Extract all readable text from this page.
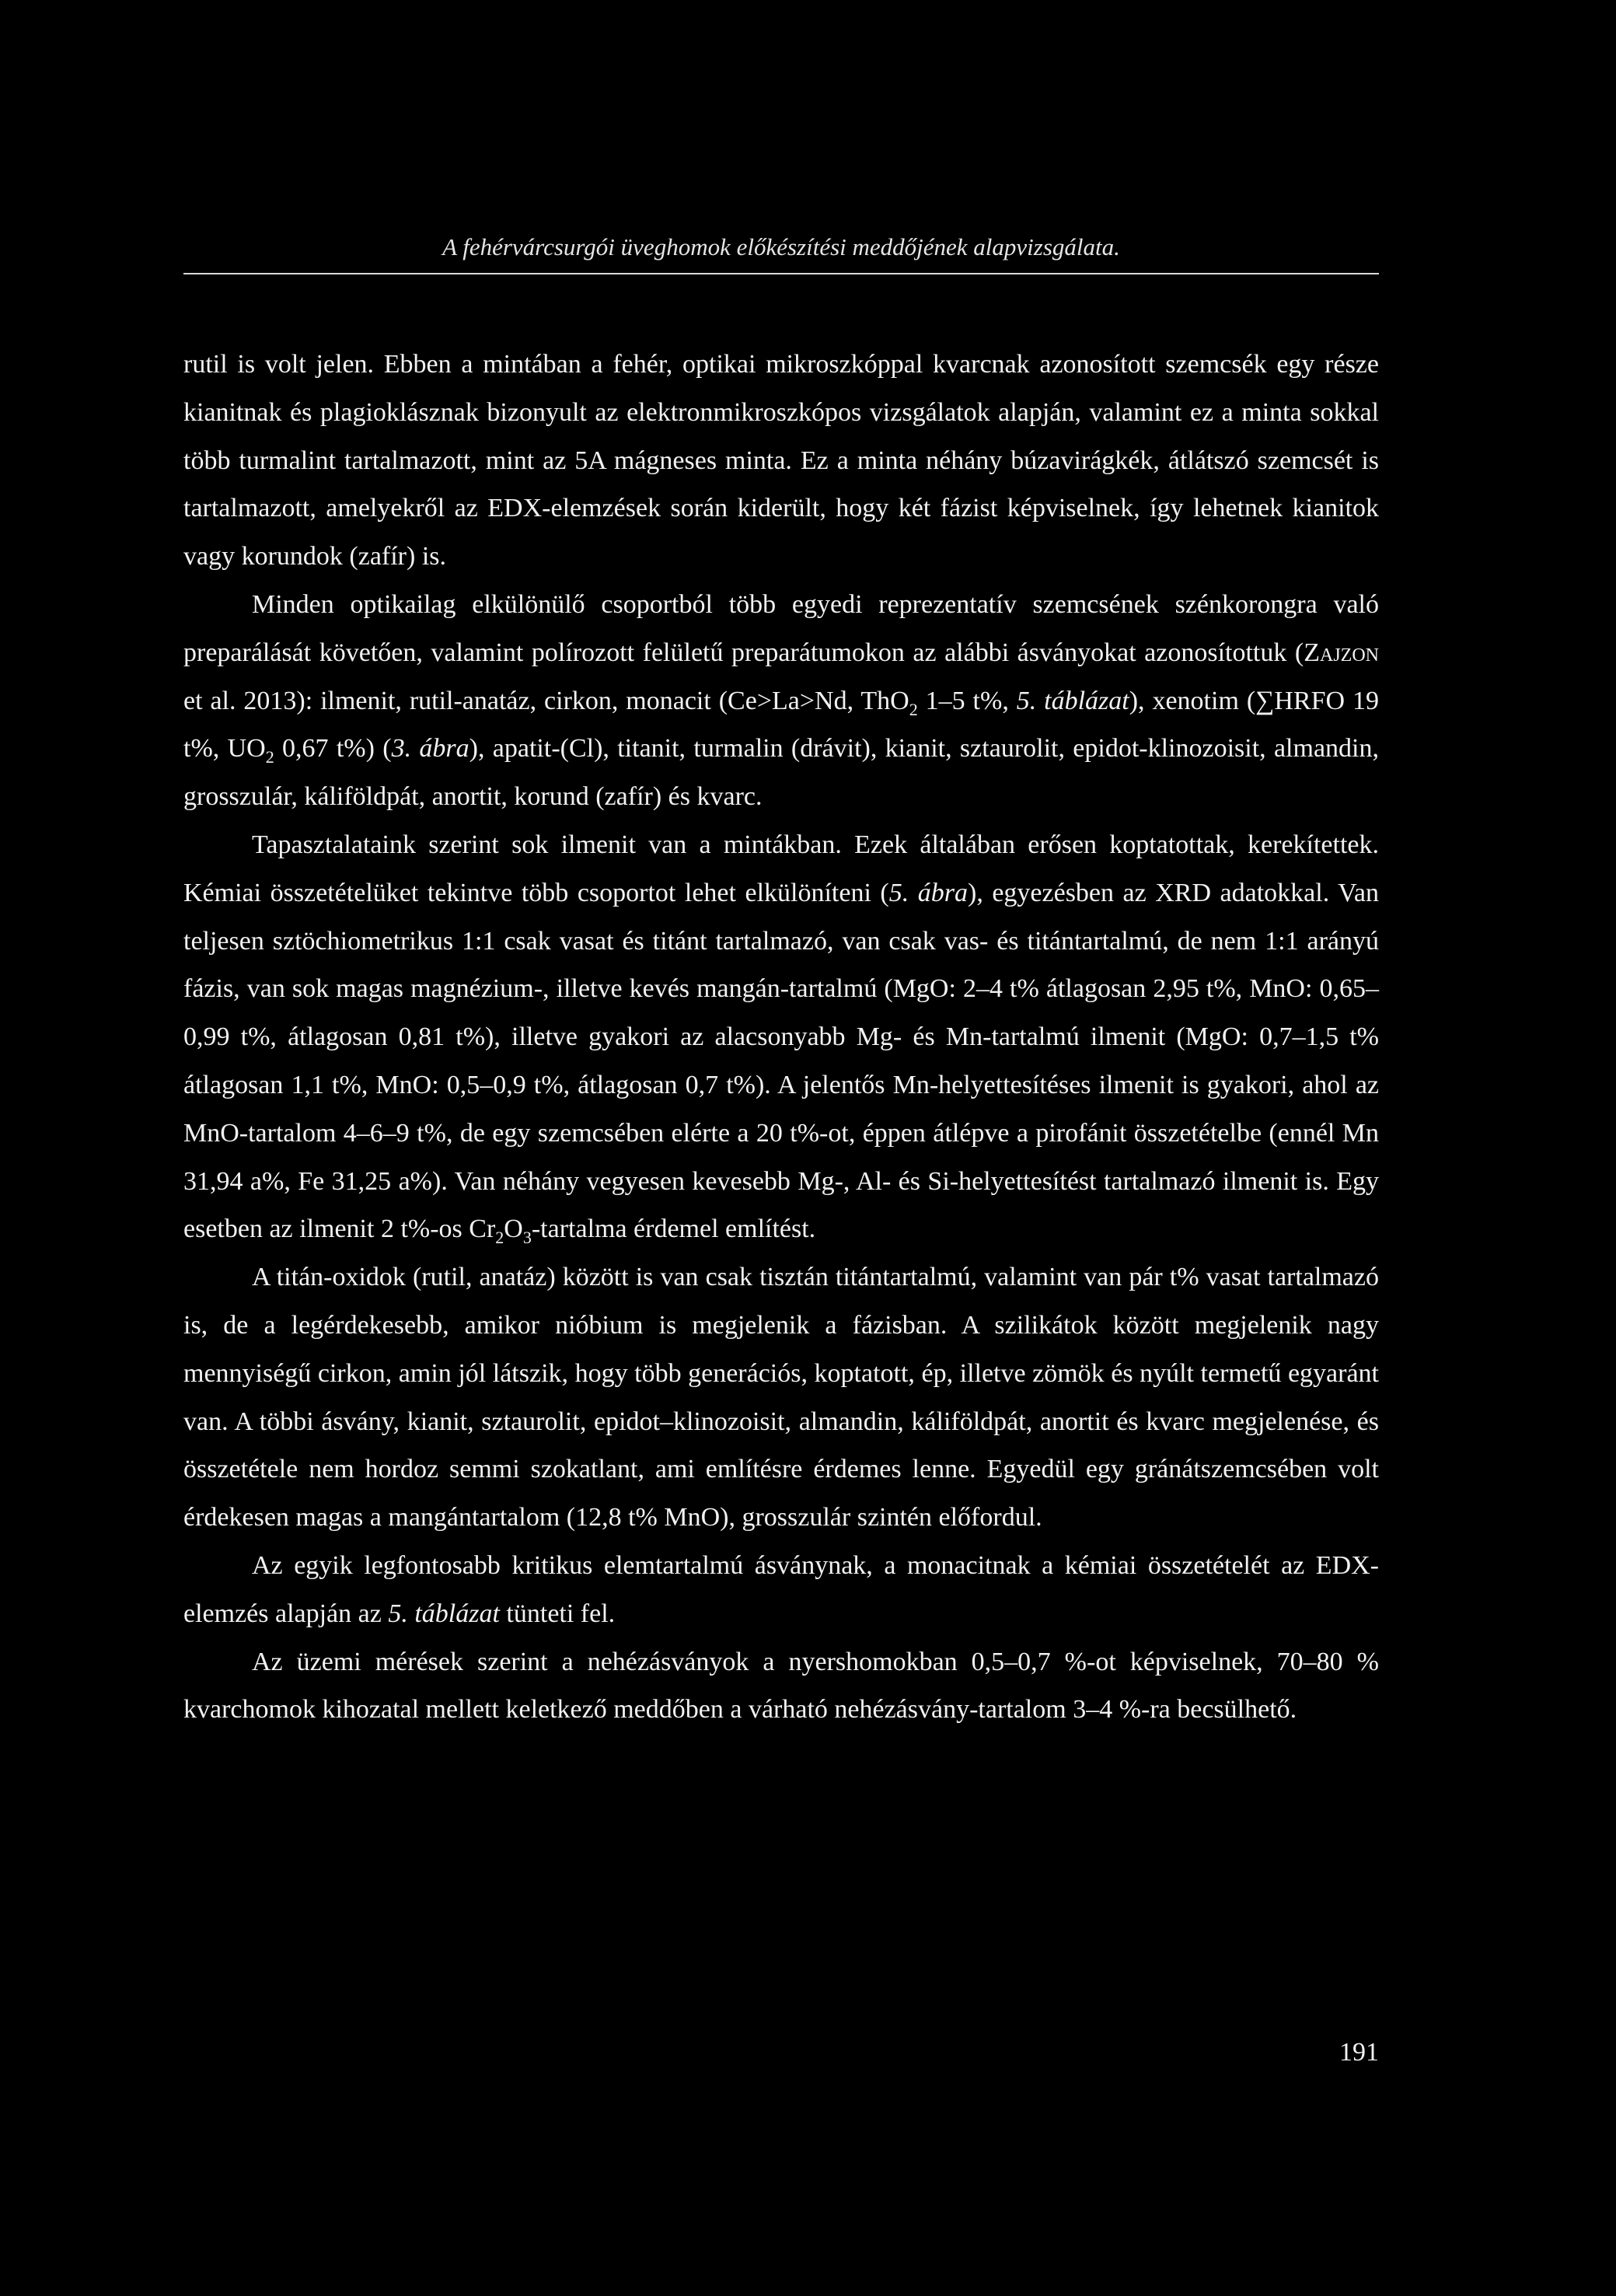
A fehérvárcsurgói üveghomok előkészítési meddőjének alapvizsgálata.

rutil is volt jelen. Ebben a mintában a fehér, optikai mikroszkóppal kvarcnak azonosított szemcsék egy része kianitnak és plagioklásznak bizonyult az elektronmikroszkópos vizsgálatok alapján, valamint ez a minta sokkal több turmalint tartalmazott, mint az 5A mágneses minta. Ez a minta néhány búzavirágkék, átlátszó szemcsét is tartalmazott, amelyekről az EDX-elemzések során kiderült, hogy két fázist képviselnek, így lehetnek kianitok vagy korundok (zafír) is.

Minden optikailag elkülönülő csoportból több egyedi reprezentatív szemcsének szénkorongra való preparálását követően, valamint polírozott felületű preparátumokon az alábbi ásványokat azonosítottuk (Zajzon et al. 2013): ilmenit, rutil-anatáz, cirkon, monacit (Ce>La>Nd, ThO$_2$ 1–5 t%, 5. táblázat), xenotim (∑HRFO 19 t%, $UO_2$ 0,67 t%) (3. ábra), apatit-(Cl), titanit, turmalin (drávit), kianit, sztaurolit, epidot-klinozoisit, almandin, grosszulár, káliföldpát, anortit, korund (zafír) és kvarc.

Tapasztalataink szerint sok ilmenit van a mintákban. Ezek általában erősen koptatottak, kerekítettek. Kémiai összetételüket tekintve több csoportot lehet elkülöníteni (5. ábra), egyezésben az XRD adatokkal. Van teljesen sztöchiometrikus 1:1 csak vasat és titánt tartalmazó, van csak vas- és titántartalmú, de nem 1:1 arányú fázis, van sok magas magnézium-, illetve kevés mangán-tartalmú (MgO: 2–4 t% átlagosan 2,95 t%, MnO: 0,65–0,99 t%, átlagosan 0,81 t%), illetve gyakori az alacsonyabb Mg- és Mn-tartalmú ilmenit (MgO: 0,7–1,5 t% átlagosan 1,1 t%, MnO: 0,5–0,9 t%, átlagosan 0,7 t%). A jelentős Mn-helyettesítéses ilmenit is gyakori, ahol az MnO-tartalom 4–6–9 t%, de egy szemcsében elérte a 20 t%-ot, éppen átlépve a pirofánit összetételbe (ennél Mn 31,94 a%, Fe 31,25 a%). Van néhány vegyesen kevesebb Mg-, Al- és Si-helyettesítést tartalmazó ilmenit is. Egy esetben az ilmenit 2 t%-os $Cr_2O_3$-tartalma érdemel említést.

A titán-oxidok (rutil, anatáz) között is van csak tisztán titántartalmú, valamint van pár t% vasat tartalmazó is, de a legérdekesebb, amikor nióbium is megjelenik a fázisban. A szilikátok között megjelenik nagy mennyiségű cirkon, amin jól látszik, hogy több generációs, koptatott, ép, illetve zömök és nyúlt termetű egyaránt van. A többi ásvány, kianit, sztaurolit, epidot–klinozoisit, almandin, káliföldpát, anortit és kvarc megjelenése, és összetétele nem hordoz semmi szokatlant, ami említésre érdemes lenne. Egyedül egy gránátszemcsében volt érdekesen magas a mangántartalom (12,8 t% MnO), grosszulár szintén előfordul.

Az egyik legfontosabb kritikus elemtartalmú ásványnak, a monacitnak a kémiai összetételét az EDX-elemzés alapján az 5. táblázat tünteti fel.

Az üzemi mérések szerint a nehézásványok a nyershomokban 0,5–0,7 %-ot képviselnek, 70–80 % kvarchomok kihozatal mellett keletkező meddőben a várható nehézásvány-tartalom 3–4 %-ra becsülhető.

191
